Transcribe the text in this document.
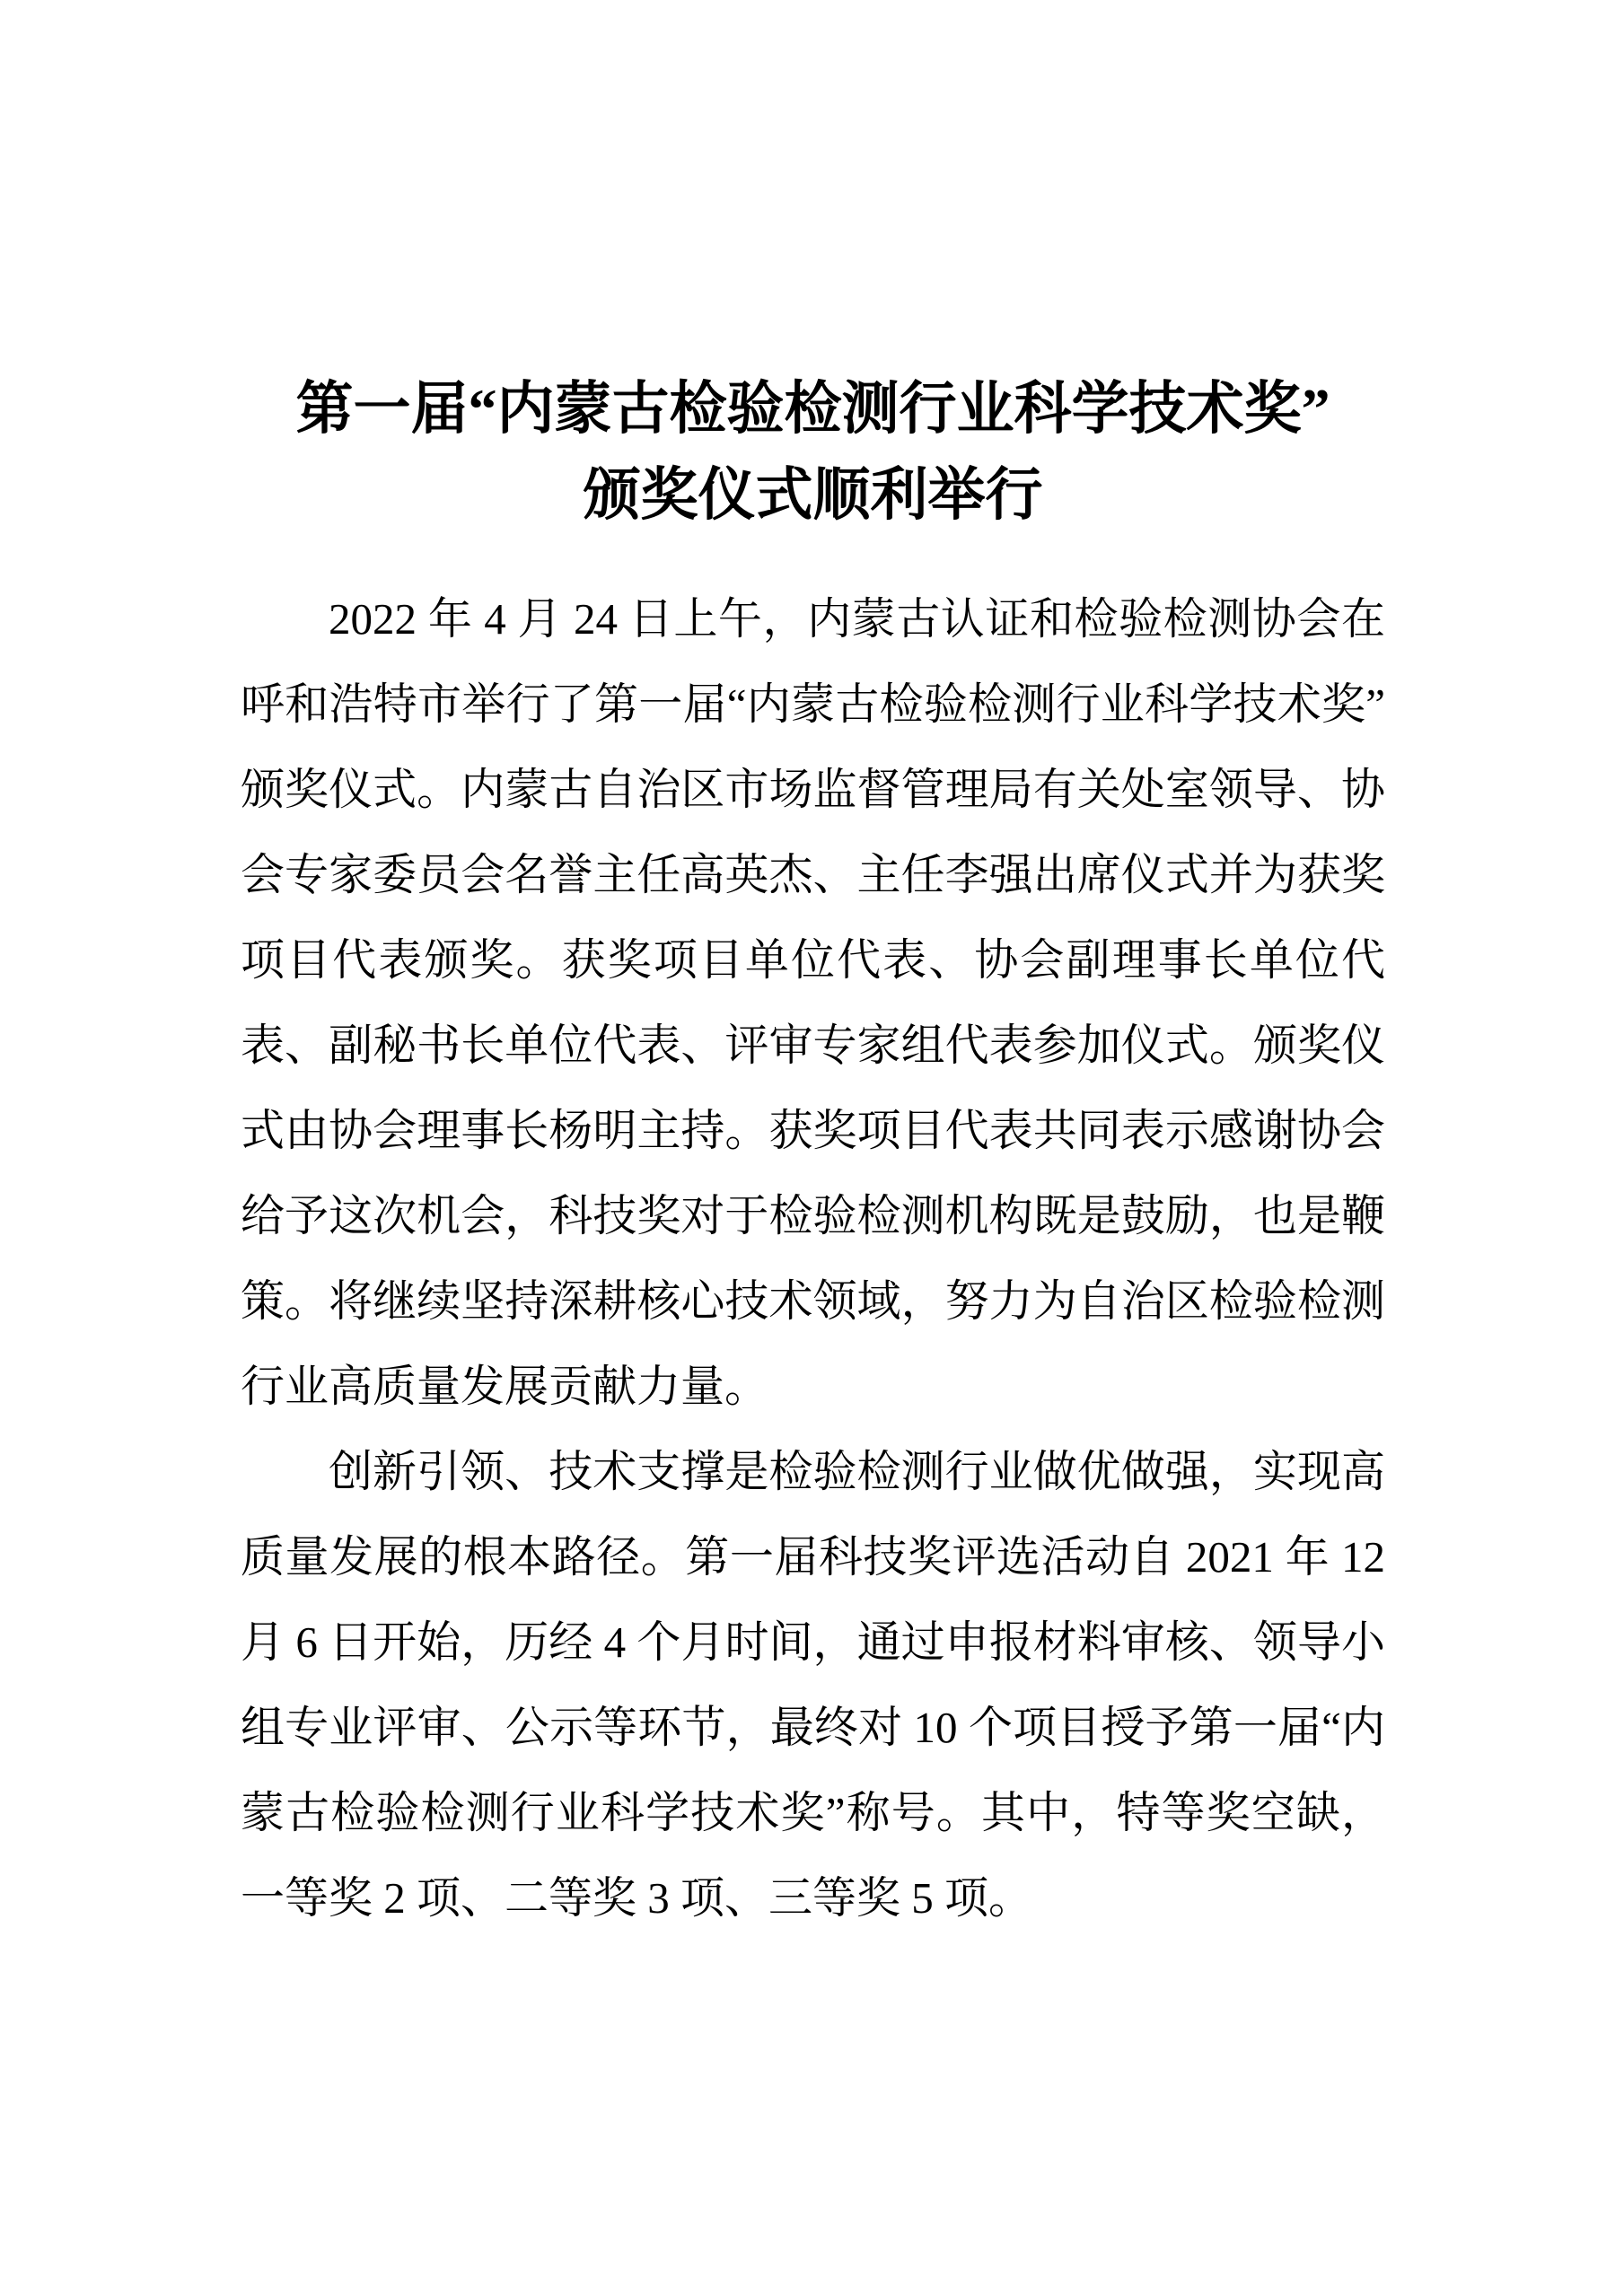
第一届“内蒙古检验检测行业科学技术奖”
颁奖仪式顺利举行

2022 年 4 月 24 日上午，内蒙古认证和检验检测协会在呼和浩特市举行了第一届“内蒙古检验检测行业科学技术奖”颁奖仪式。内蒙古自治区市场监督管理局有关处室领导、协会专家委员会名誉主任高英杰、主任李强出席仪式并为获奖项目代表颁奖。获奖项目单位代表、协会副理事长单位代表、副秘书长单位代表、评审专家组代表参加仪式。颁奖仪式由协会理事长杨明主持。获奖项目代表共同表示感谢协会给予这次机会，科技奖对于检验检测机构既是鼓励，也是鞭策。将继续坚持深耕核心技术领域，努力为自治区检验检测行业高质量发展贡献力量。

创新引领、技术支撑是检验检测行业做优做强，实现高质量发展的根本路径。第一届科技奖评选活动自 2021 年 12 月 6 日开始，历经 4 个月时间，通过申报材料审核、领导小组专业评审、公示等环节，最终对 10 个项目授予第一届“内蒙古检验检测行业科学技术奖”称号。其中，特等奖空缺，一等奖 2 项、二等奖 3 项、三等奖 5 项。
